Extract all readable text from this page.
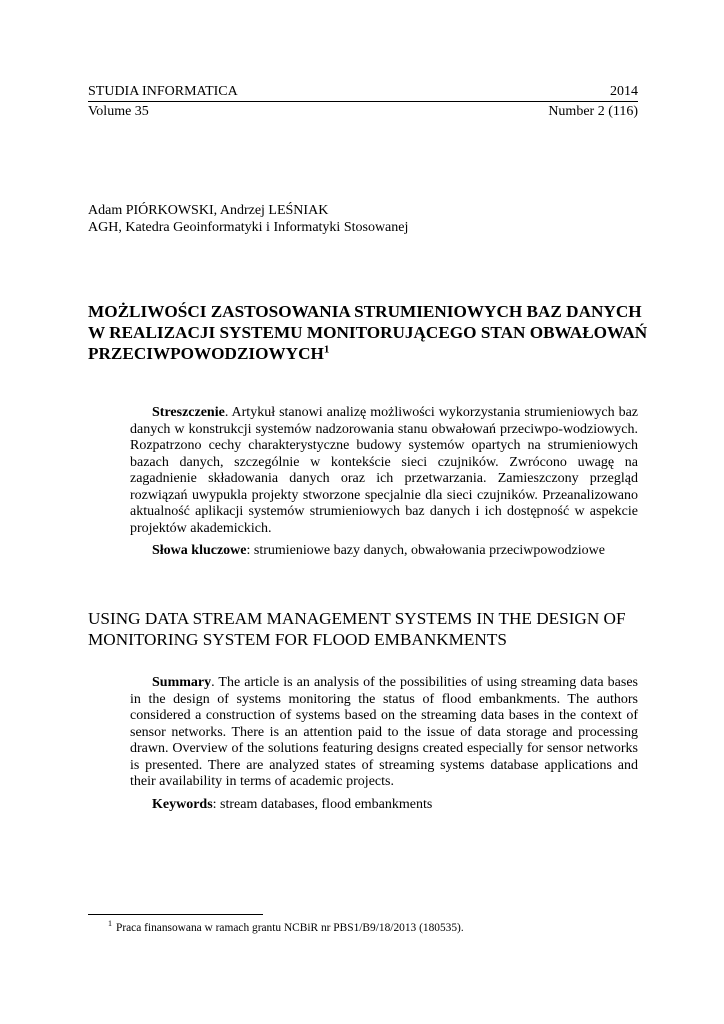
STUDIA INFORMATICA	2014
Volume 35	Number 2 (116)
Adam PIÓRKOWSKI, Andrzej LEŚNIAK
AGH, Katedra Geoinformatyki i Informatyki Stosowanej
MOŻLIWOŚCI ZASTOSOWANIA STRUMIENIOWYCH BAZ DANYCH W REALIZACJI SYSTEMU MONITORUJĄCEGO STAN OBWAŁOWAŃ PRZECIWPOWODZIOWYCH$^1$

Streszczenie. Artykuł stanowi analizę możliwości wykorzystania strumieniowych baz danych w konstrukcji systemów nadzorowania stanu obwałowań przeciwpo-wodziowych. Rozpatrzono cechy charakterystyczne budowy systemów opartych na strumieniowych bazach danych, szczególnie w kontekście sieci czujników. Zwrócono uwagę na zagadnienie składowania danych oraz ich przetwarzania. Zamieszczony przegląd rozwiązań uwypukla projekty stworzone specjalnie dla sieci czujników. Przeanalizowano aktualność aplikacji systemów strumieniowych baz danych i ich dostępność w aspekcie projektów akademickich.

Słowa kluczowe: strumieniowe bazy danych, obwałowania przeciwpowodziowe

USING DATA STREAM MANAGEMENT SYSTEMS IN THE DESIGN OF MONITORING SYSTEM FOR FLOOD EMBANKMENTS

Summary. The article is an analysis of the possibilities of using streaming data bases in the design of systems monitoring the status of flood embankments. The authors considered a construction of systems based on the streaming data bases in the context of sensor networks. There is an attention paid to the issue of data storage and processing drawn. Overview of the solutions featuring designs created especially for sensor networks is presented. There are analyzed states of streaming systems database applications and their availability in terms of academic projects.

Keywords: stream databases, flood embankments

$^1$ Praca finansowana w ramach grantu NCBiR nr PBS1/B9/18/2013 (180535).
